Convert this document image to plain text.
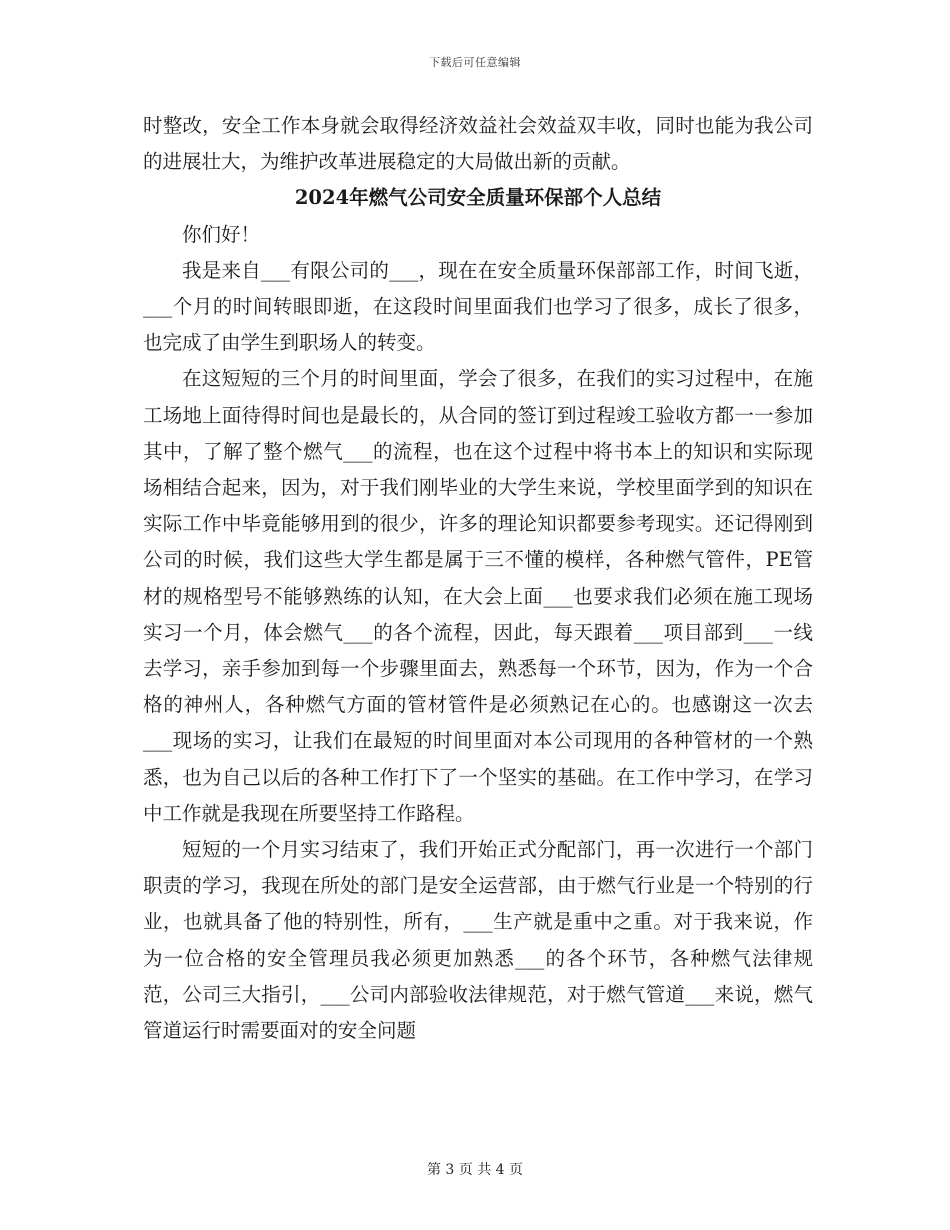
下载后可任意编辑

时整改，安全工作本身就会取得经济效益社会效益双丰收，同时也能为我公司的进展壮大，为维护改革进展稳定的大局做出新的贡献。

2024年燃气公司安全质量环保部个人总结

你们好！

我是来自___有限公司的___，现在在安全质量环保部部工作，时间飞逝，___个月的时间转眼即逝，在这段时间里面我们也学习了很多，成长了很多，也完成了由学生到职场人的转变。

在这短短的三个月的时间里面，学会了很多，在我们的实习过程中，在施工场地上面待得时间也是最长的，从合同的签订到过程竣工验收方都一一参加其中，了解了整个燃气___的流程，也在这个过程中将书本上的知识和实际现场相结合起来，因为，对于我们刚毕业的大学生来说，学校里面学到的知识在实际工作中毕竟能够用到的很少，许多的理论知识都要参考现实。还记得刚到公司的时候，我们这些大学生都是属于三不懂的模样，各种燃气管件，PE管材的规格型号不能够熟练的认知，在大会上面___也要求我们必须在施工现场实习一个月，体会燃气___的各个流程，因此，每天跟着___项目部到___一线去学习，亲手参加到每一个步骤里面去，熟悉每一个环节，因为，作为一个合格的神州人，各种燃气方面的管材管件是必须熟记在心的。也感谢这一次去___现场的实习，让我们在最短的时间里面对本公司现用的各种管材的一个熟悉，也为自己以后的各种工作打下了一个坚实的基础。在工作中学习，在学习中工作就是我现在所要坚持工作路程。

短短的一个月实习结束了，我们开始正式分配部门，再一次进行一个部门职责的学习，我现在所处的部门是安全运营部，由于燃气行业是一个特别的行业，也就具备了他的特别性，所有，___生产就是重中之重。对于我来说，作为一位合格的安全管理员我必须更加熟悉___的各个环节，各种燃气法律规范，公司三大指引，___公司内部验收法律规范，对于燃气管道___来说，燃气管道运行时需要面对的安全问题

第 3 页 共 4 页
